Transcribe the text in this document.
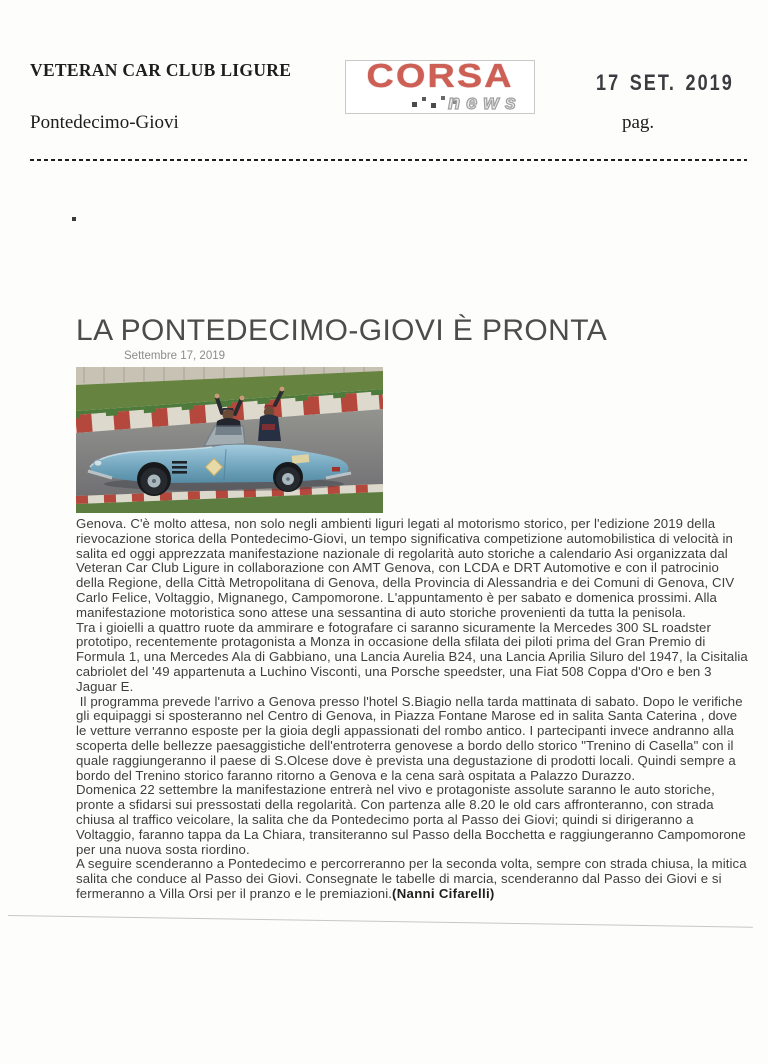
VETERAN CAR CLUB LIGURE	CORSA
news
17 SET. 2019
Pontedecimo-Giovi	pag.
LA PONTEDECIMO-GIOVI È PRONTA
Settembre 17, 2019

Genova. C'è molto attesa, non solo negli ambienti liguri legati al motorismo storico, per l'edizione 2019 della rievocazione storica della Pontedecimo-Giovi, un tempo significativa competizione automobilistica di velocità in salita ed oggi apprezzata manifestazione nazionale di regolarità auto storiche a calendario Asi organizzata dal Veteran Car Club Ligure in collaborazione con AMT Genova, con LCDA e DRT Automotive e con il patrocinio della Regione, della Città Metropolitana di Genova, della Provincia di Alessandria e dei Comuni di Genova, CIV Carlo Felice, Voltaggio, Mignanego, Campomorone. L'appuntamento è per sabato e domenica prossimi. Alla manifestazione motoristica sono attese una sessantina di auto storiche provenienti da tutta la penisola.

Tra i gioielli a quattro ruote da ammirare e fotografare ci saranno sicuramente la Mercedes 300 SL roadster prototipo, recentemente protagonista a Monza in occasione della sfilata dei piloti prima del Gran Premio di Formula 1, una Mercedes Ala di Gabbiano, una Lancia Aurelia B24, una Lancia Aprilia Siluro del 1947, la Cisitalia cabriolet del '49 appartenuta a Luchino Visconti, una Porsche speedster, una Fiat 508 Coppa d'Oro e ben 3 Jaguar E.

Il programma prevede l'arrivo a Genova presso l'hotel S.Biagio nella tarda mattinata di sabato. Dopo le verifiche gli equipaggi si sposteranno nel Centro di Genova, in Piazza Fontane Marose ed in salita Santa Caterina , dove le vetture verranno esposte per la gioia degli appassionati del rombo antico. I partecipanti invece andranno alla scoperta delle bellezze paesaggistiche dell'entroterra genovese a bordo dello storico "Trenino di Casella" con il quale raggiungeranno il paese di S.Olcese dove è prevista una degustazione di prodotti locali. Quindi sempre a bordo del Trenino storico faranno ritorno a Genova e la cena sarà ospitata a Palazzo Durazzo.

Domenica 22 settembre la manifestazione entrerà nel vivo e protagoniste assolute saranno le auto storiche, pronte a sfidarsi sui pressostati della regolarità. Con partenza alle 8.20 le old cars affronteranno, con strada chiusa al traffico veicolare, la salita che da Pontedecimo porta al Passo dei Giovi; quindi si dirigeranno a Voltaggio, faranno tappa da La Chiara, transiteranno sul Passo della Bocchetta e raggiungeranno Campomorone per una nuova sosta riordino.

A seguire scenderanno a Pontedecimo e percorreranno per la seconda volta, sempre con strada chiusa, la mitica salita che conduce al Passo dei Giovi. Consegnate le tabelle di marcia, scenderanno dal Passo dei Giovi e si fermeranno a Villa Orsi per il pranzo e le premiazioni.(Nanni Cifarelli)
